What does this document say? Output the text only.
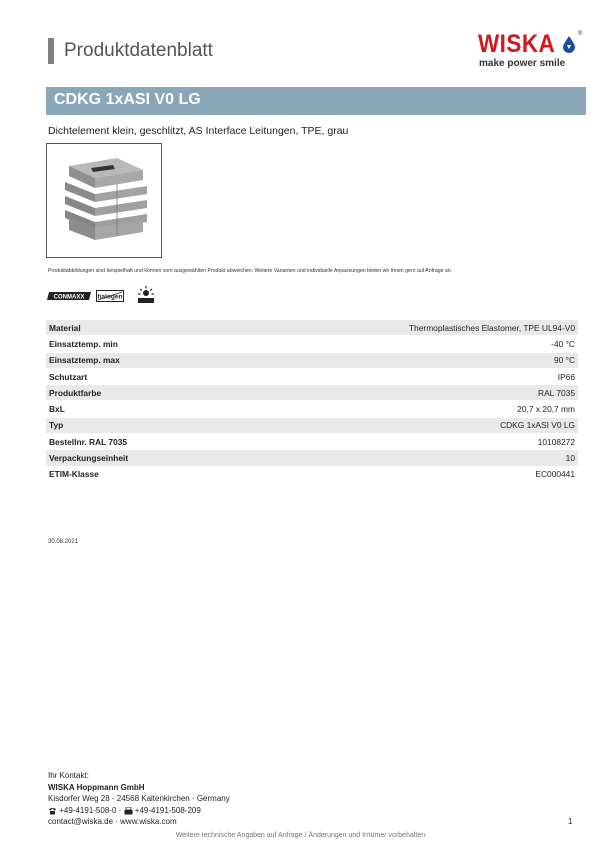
Produktdatenblatt	WISKA	®
make power smile
CDKG 1xASI V0 LG
Dichtelement klein, geschlitzt, AS Interface Leitungen, TPE, grau
Produktabbildungen sind beispielhaft und können vom ausgewählten Produkt abweichen. Weitere Varianten und individuelle Anpassungen bieten wir Ihnen gern auf Anfrage an.
CONMAXX halogen
Material	Thermoplastisches Elastomer, TPE UL94-V0
Einsatztemp. min	-40 °C
Einsatztemp. max	90 °C
Schutzart	IP66
Produktfarbe	RAL 7035
BxL	20,7 x 20,7 mm
Typ	CDKG 1xASI V0 LG
Bestellnr. RAL 7035	10108272
Verpackungseinheit	10
ETIM-Klasse	EC000441
30.08.2021
Ihr Kontakt:
WISKA Hoppmann GmbH
Kisdorfer Weg 28 · 24568 Kaltenkirchen · Germany
+49-4191-508-0 · +49-4191-508-209
contact@wiska.de · www.wiska.com	1
Weitere technische Angaben auf Anfrage / Änderungen und Irrtümer vorbehalten
